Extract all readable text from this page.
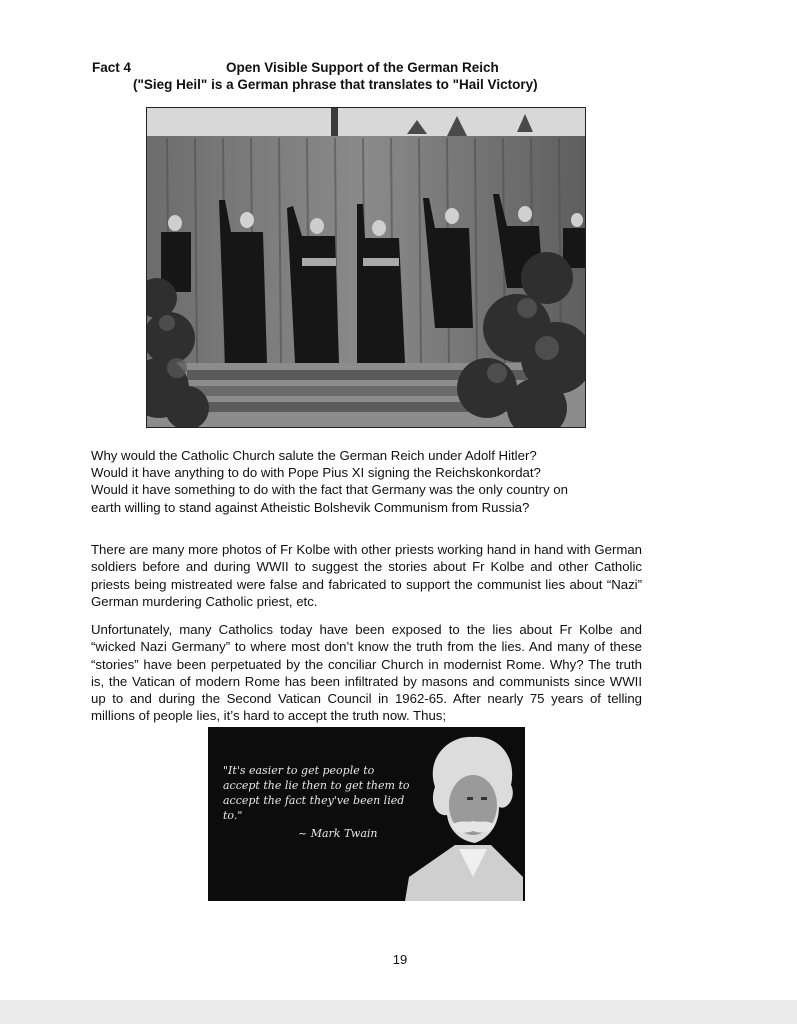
Fact 4	Open Visible Support of the German Reich
("Sieg Heil" is a German phrase that translates to "Hail Victory)
Why would the Catholic Church salute the German Reich under Adolf Hitler?
Would it have anything to do with Pope Pius XI signing the Reichskonkordat?
Would it have something to do with the fact that Germany was the only country on
earth willing to stand against Atheistic Bolshevik Communism from Russia?

There are many more photos of Fr Kolbe with other priests working hand in hand with German soldiers before and during WWII to suggest the stories about Fr Kolbe and other Catholic priests being mistreated were false and fabricated to support the communist lies about “Nazi” German murdering Catholic priest, etc.

Unfortunately, many Catholics today have been exposed to the lies about Fr Kolbe and “wicked Nazi Germany” to where most don’t know the truth from the lies. And many of these “stories” have been perpetuated by the conciliar Church in modernist Rome. Why? The truth is, the Vatican of modern Rome has been infiltrated by masons and communists since WWII up to and during the Second Vatican Council in 1962-65. After nearly 75 years of telling millions of people lies, it’s hard to accept the truth now. Thus;

"It's easier to get people to accept the lie then to get them to accept the fact they've been lied to."
~ Mark Twain
19
